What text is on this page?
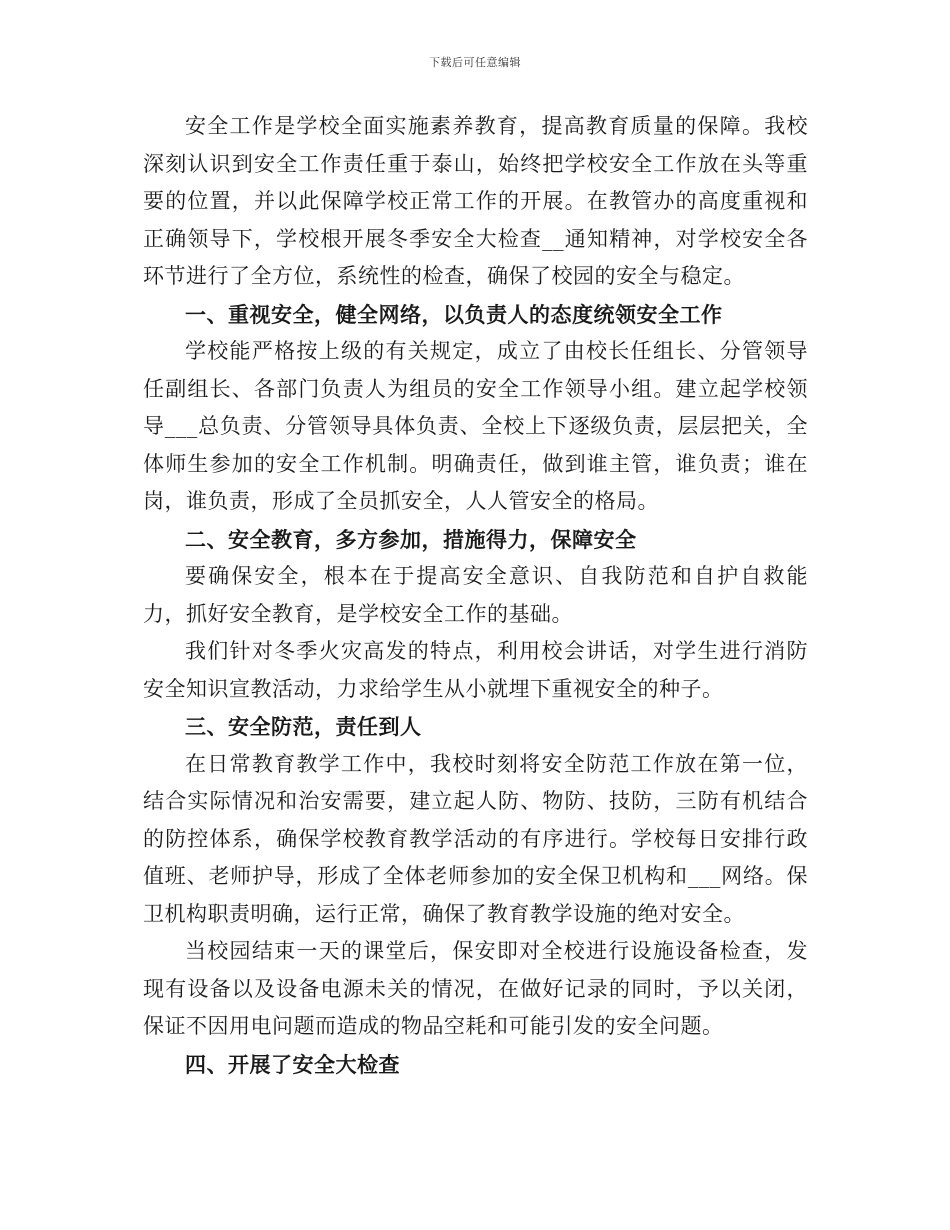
下载后可任意编辑

安全工作是学校全面实施素养教育，提高教育质量的保障。我校深刻认识到安全工作责任重于泰山，始终把学校安全工作放在头等重要的位置，并以此保障学校正常工作的开展。在教管办的高度重视和正确领导下，学校根开展冬季安全大检查__通知精神，对学校安全各环节进行了全方位，系统性的检查，确保了校园的安全与稳定。

一、重视安全，健全网络，以负责人的态度统领安全工作

学校能严格按上级的有关规定，成立了由校长任组长、分管领导任副组长、各部门负责人为组员的安全工作领导小组。建立起学校领导___总负责、分管领导具体负责、全校上下逐级负责，层层把关，全体师生参加的安全工作机制。明确责任，做到谁主管，谁负责；谁在岗，谁负责，形成了全员抓安全，人人管安全的格局。

二、安全教育，多方参加，措施得力，保障安全

要确保安全，根本在于提高安全意识、自我防范和自护自救能力，抓好安全教育，是学校安全工作的基础。

我们针对冬季火灾高发的特点，利用校会讲话，对学生进行消防安全知识宣教活动，力求给学生从小就埋下重视安全的种子。

三、安全防范，责任到人

在日常教育教学工作中，我校时刻将安全防范工作放在第一位，结合实际情况和治安需要，建立起人防、物防、技防，三防有机结合的防控体系，确保学校教育教学活动的有序进行。学校每日安排行政值班、老师护导，形成了全体老师参加的安全保卫机构和___网络。保卫机构职责明确，运行正常，确保了教育教学设施的绝对安全。

当校园结束一天的课堂后，保安即对全校进行设施设备检查，发现有设备以及设备电源未关的情况，在做好记录的同时，予以关闭，保证不因用电问题而造成的物品空耗和可能引发的安全问题。

四、开展了安全大检查
